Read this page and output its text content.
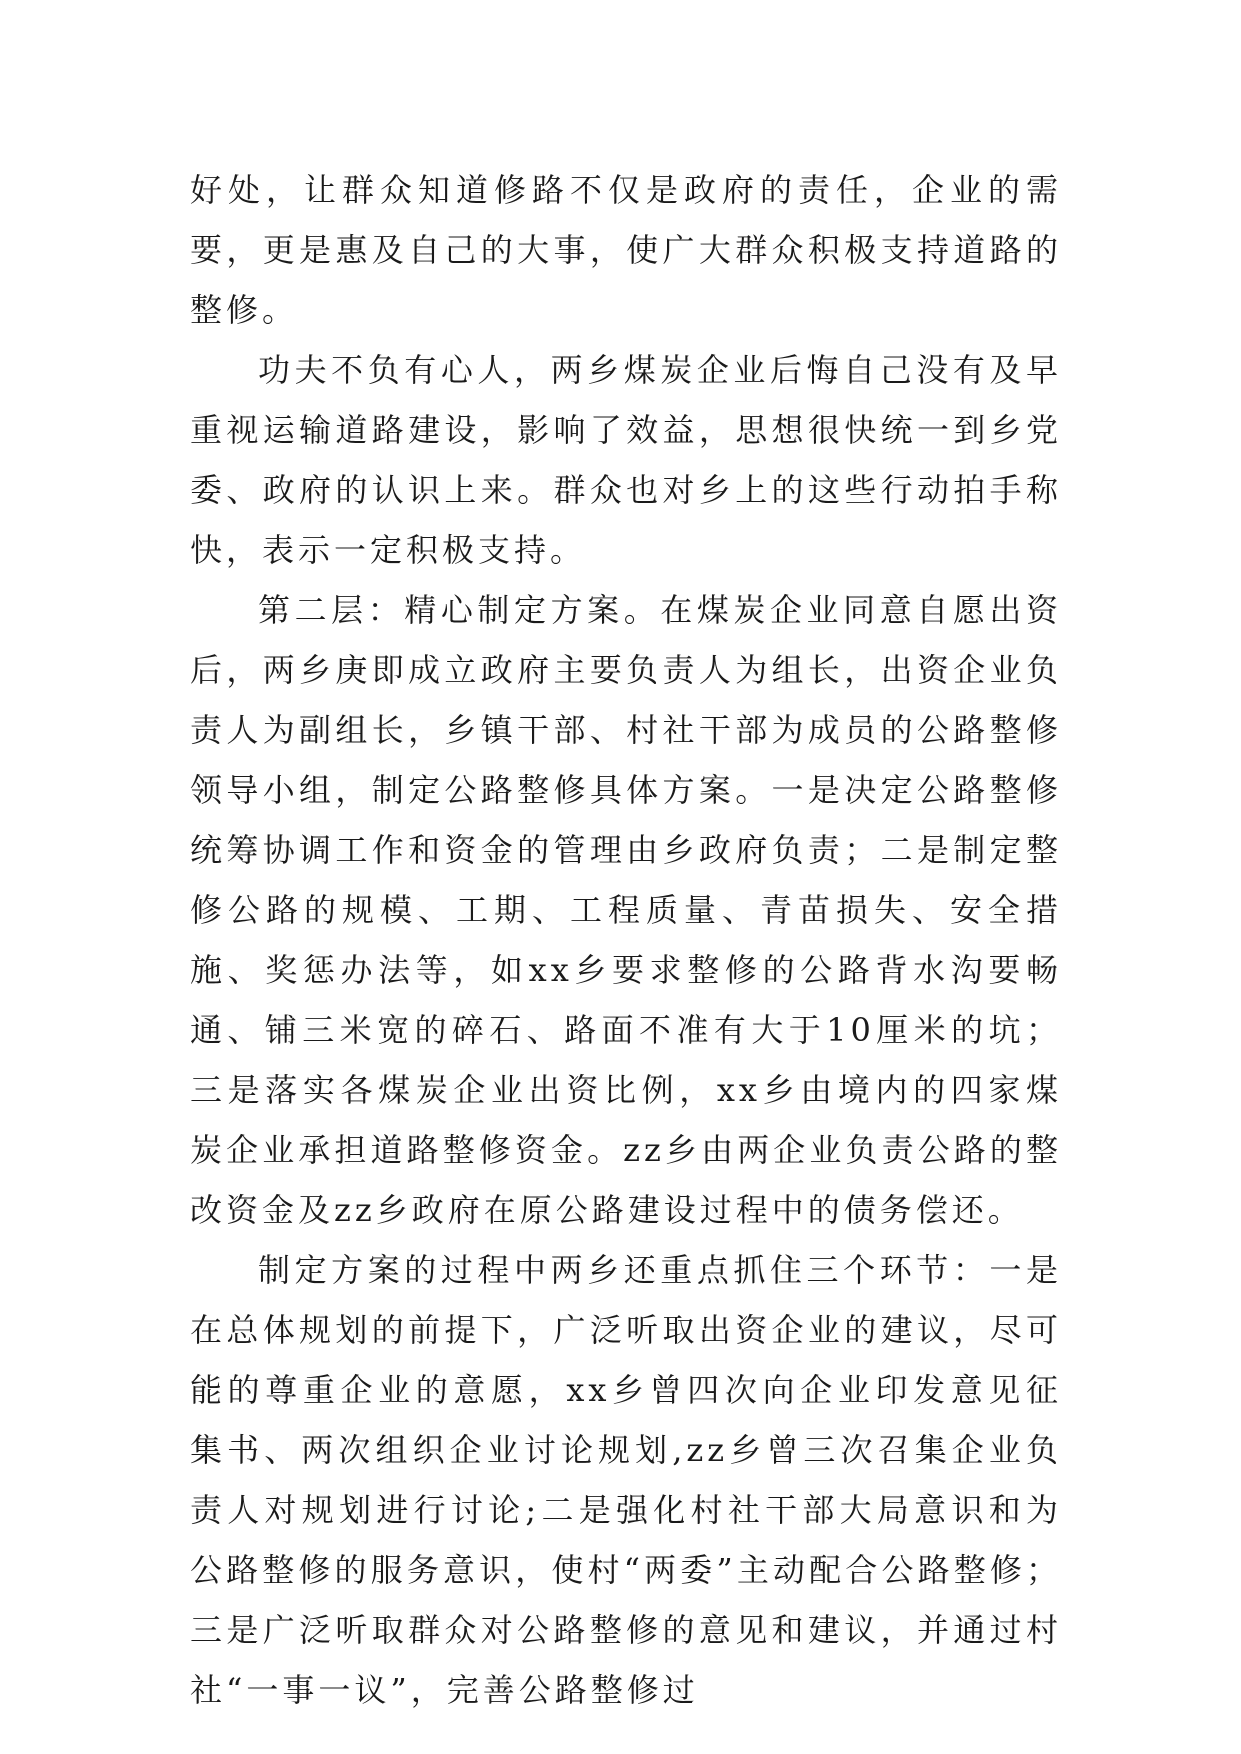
好处，让群众知道修路不仅是政府的责任，企业的需要，更是惠及自己的大事，使广大群众积极支持道路的整修。

功夫不负有心人，两乡煤炭企业后悔自己没有及早重视运输道路建设，影响了效益，思想很快统一到乡党委、政府的认识上来。群众也对乡上的这些行动拍手称快，表示一定积极支持。

第二层：精心制定方案。在煤炭企业同意自愿出资后，两乡庚即成立政府主要负责人为组长，出资企业负责人为副组长，乡镇干部、村社干部为成员的公路整修领导小组，制定公路整修具体方案。一是决定公路整修统筹协调工作和资金的管理由乡政府负责；二是制定整修公路的规模、工期、工程质量、青苗损失、安全措施、奖惩办法等，如xx乡要求整修的公路背水沟要畅通、铺三米宽的碎石、路面不准有大于10厘米的坑；三是落实各煤炭企业出资比例，xx乡由境内的四家煤炭企业承担道路整修资金。zz乡由两企业负责公路的整改资金及zz乡政府在原公路建设过程中的债务偿还。

制定方案的过程中两乡还重点抓住三个环节：一是在总体规划的前提下，广泛听取出资企业的建议，尽可能的尊重企业的意愿，xx乡曾四次向企业印发意见征集书、两次组织企业讨论规划,zz乡曾三次召集企业负责人对规划进行讨论;二是强化村社干部大局意识和为公路整修的服务意识，使村“两委”主动配合公路整修；三是广泛听取群众对公路整修的意见和建议，并通过村社“一事一议”，完善公路整修过
